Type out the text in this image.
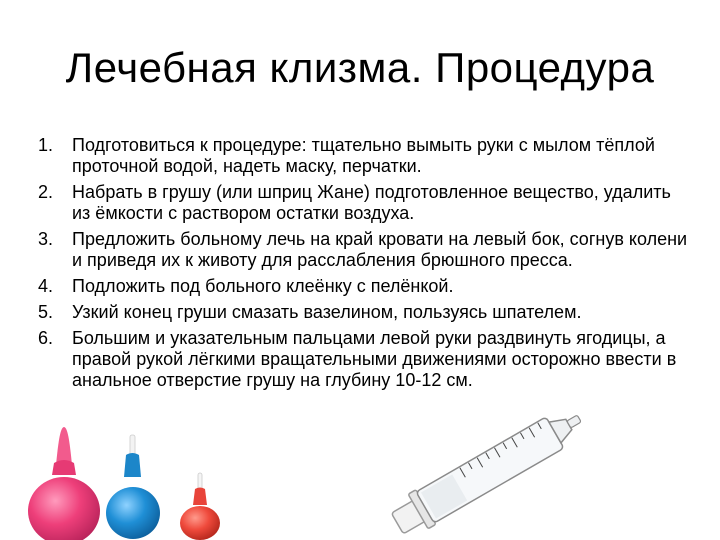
Лечебная клизма. Процедура
1.	Подготовиться к процедуре: тщательно вымыть руки с мылом тёплой проточной водой, надеть маску, перчатки.
2.	Набрать в грушу (или шприц Жане) подготовленное вещество, удалить из ёмкости с раствором остатки воздуха.
3.	Предложить больному лечь на край кровати на левый бок, согнув колени и приведя их к животу для расслабления брюшного пресса.
4.	Подложить под больного клеёнку с пелёнкой.
5.	Узкий конец груши смазать вазелином, пользуясь шпателем.
6.	Большим и указательным пальцами левой руки раздвинуть ягодицы, а правой рукой лёгкими вращательными движениями осторожно ввести в анальное отверстие грушу на глубину 10-12 см.
